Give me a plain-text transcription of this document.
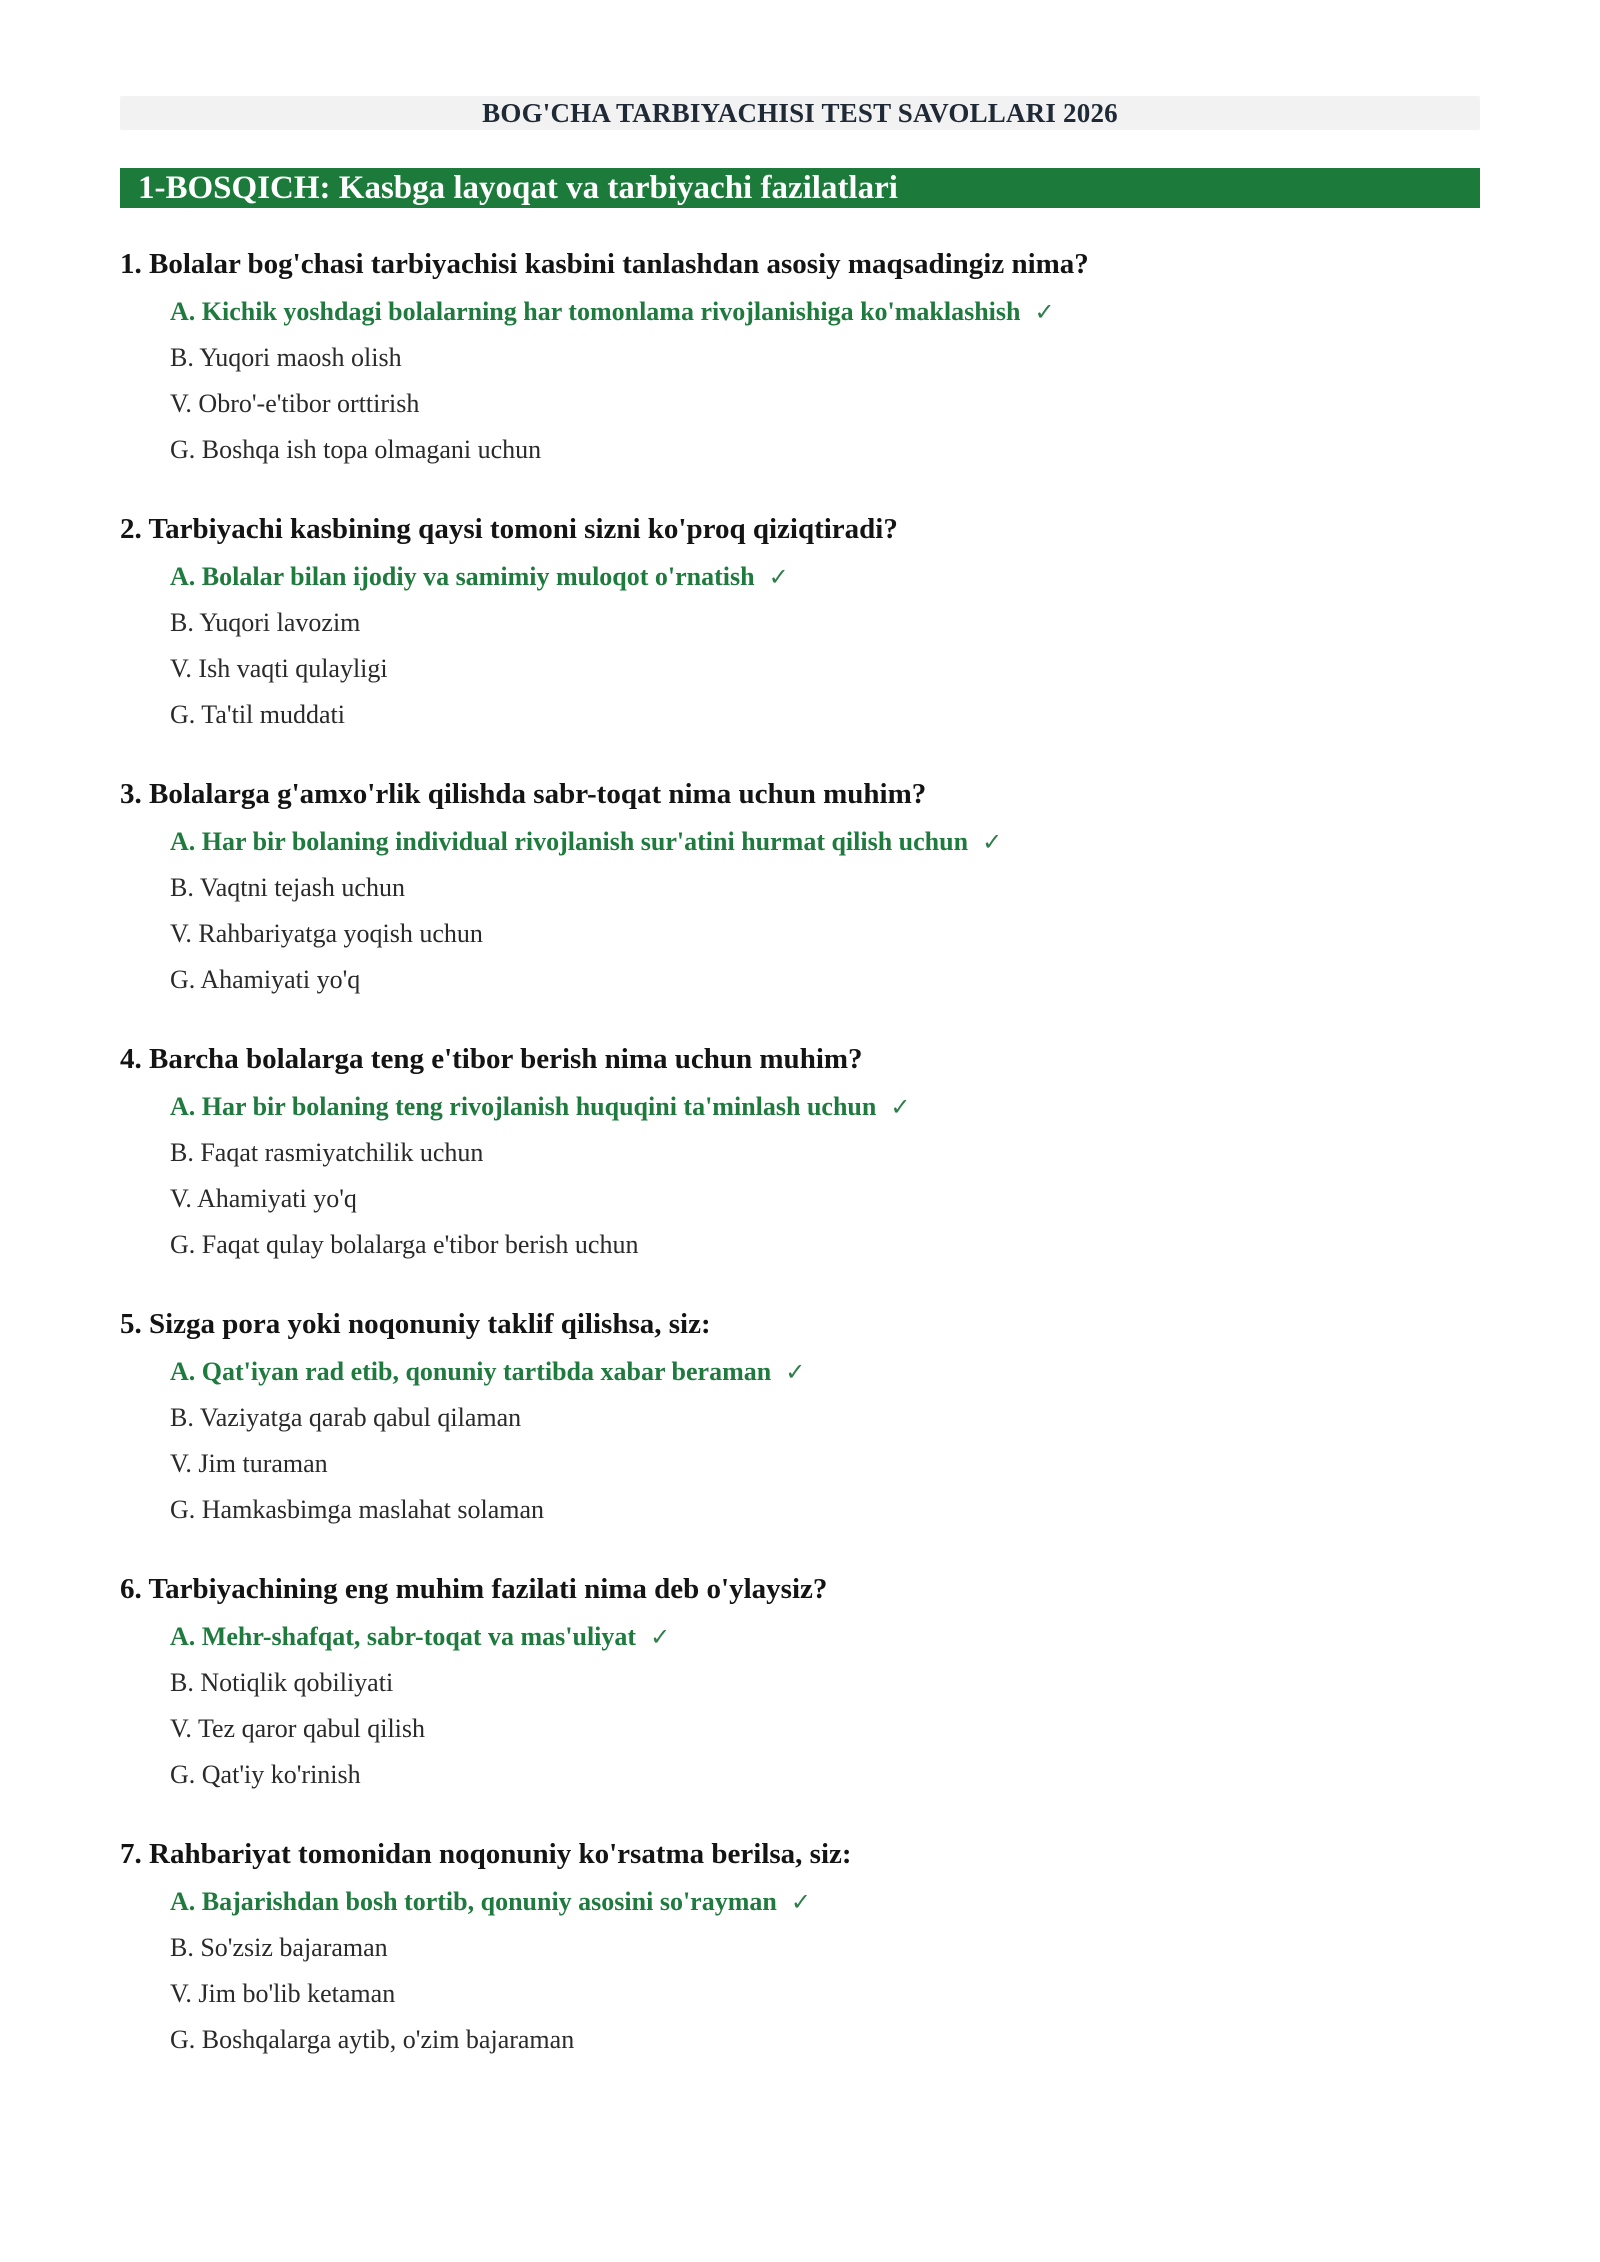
BOG'CHA TARBIYACHISI TEST SAVOLLARI 2026
1-BOSQICH: Kasbga layoqat va tarbiyachi fazilatlari
1. Bolalar bog'chasi tarbiyachisi kasbini tanlashdan asosiy maqsadingiz nima?
A. Kichik yoshdagi bolalarning har tomonlama rivojlanishiga ko'maklashish ✓
B. Yuqori maosh olish
V. Obro'-e'tibor orttirish
G. Boshqa ish topa olmagani uchun
2. Tarbiyachi kasbining qaysi tomoni sizni ko'proq qiziqtiradi?
A. Bolalar bilan ijodiy va samimiy muloqot o'rnatish ✓
B. Yuqori lavozim
V. Ish vaqti qulayligi
G. Ta'til muddati
3. Bolalarga g'amxo'rlik qilishda sabr-toqat nima uchun muhim?
A. Har bir bolaning individual rivojlanish sur'atini hurmat qilish uchun ✓
B. Vaqtni tejash uchun
V. Rahbariyatga yoqish uchun
G. Ahamiyati yo'q
4. Barcha bolalarga teng e'tibor berish nima uchun muhim?
A. Har bir bolaning teng rivojlanish huquqini ta'minlash uchun ✓
B. Faqat rasmiyatchilik uchun
V. Ahamiyati yo'q
G. Faqat qulay bolalarga e'tibor berish uchun
5. Sizga pora yoki noqonuniy taklif qilishsa, siz:
A. Qat'iyan rad etib, qonuniy tartibda xabar beraman ✓
B. Vaziyatga qarab qabul qilaman
V. Jim turaman
G. Hamkasbimga maslahat solaman
6. Tarbiyachining eng muhim fazilati nima deb o'ylaysiz?
A. Mehr-shafqat, sabr-toqat va mas'uliyat ✓
B. Notiqlik qobiliyati
V. Tez qaror qabul qilish
G. Qat'iy ko'rinish
7. Rahbariyat tomonidan noqonuniy ko'rsatma berilsa, siz:
A. Bajarishdan bosh tortib, qonuniy asosini so'rayman ✓
B. So'zsiz bajaraman
V. Jim bo'lib ketaman
G. Boshqalarga aytib, o'zim bajaraman
